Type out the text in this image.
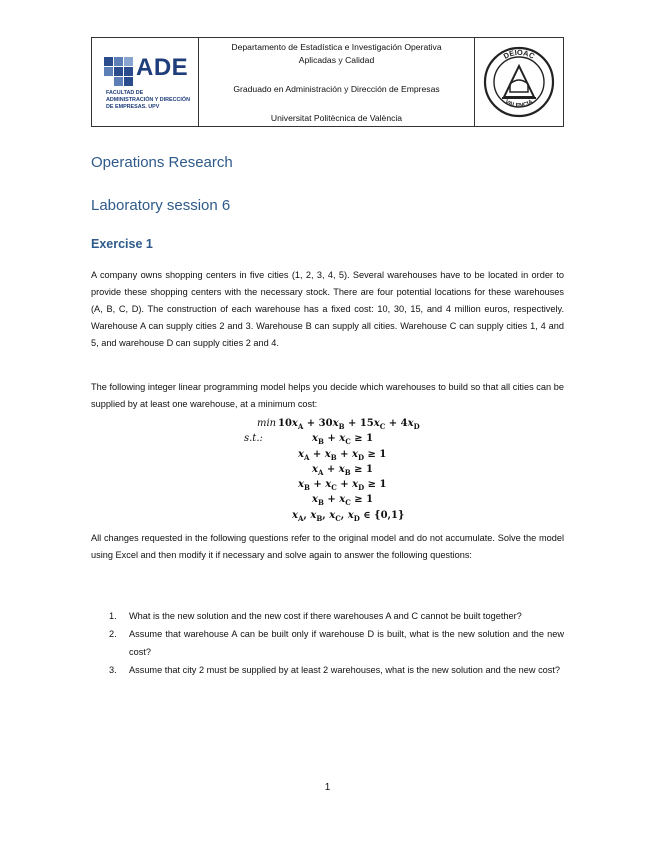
ADE
FACULTAD DE ADMINISTRACIÓN Y DIRECCIÓN DE EMPRESAS. UPV
Departamento de Estadística e Investigación Operativa
Aplicadas y Calidad
Graduado en Administración y Dirección de Empresas
Universitat Politècnica de València
DEIOAC
VALENCIA
Operations Research
Laboratory session 6
Exercise 1
A company owns shopping centers in five cities (1, 2, 3, 4, 5). Several warehouses have to be located in order to provide these shopping centers with the necessary stock. There are four potential locations for these warehouses (A, B, C, D). The construction of each warehouse has a fixed cost: 10, 30, 15, and 4 million euros, respectively. Warehouse A can supply cities 2 and 3. Warehouse B can supply all cities. Warehouse C can supply cities 1, 4 and 5, and warehouse D can supply cities 2 and 4.
The following integer linear programming model helps you decide which warehouses to build so that all cities can be supplied by at least one warehouse, at a minimum cost:
$\min 10x_A + 30x_B + 15x_C + 4x_D$
s.t.:	$x_B + x_C \ge 1$
$x_A + x_B + x_D \ge 1$
$x_A + x_B \ge 1$
$x_B + x_C + x_D \ge 1$
$x_B + x_C \ge 1$
$x_A$, $x_B$, $x_C$, $x_D$ ∈ {0,1}
All changes requested in the following questions refer to the original model and do not accumulate. Solve the model using Excel and then modify it if necessary and solve again to answer the following questions:
1. What is the new solution and the new cost if there warehouses A and C cannot be built together?
2. Assume that warehouse A can be built only if warehouse D is built, what is the new solution and the new cost?
3. Assume that city 2 must be supplied by at least 2 warehouses, what is the new solution and the new cost?
1
